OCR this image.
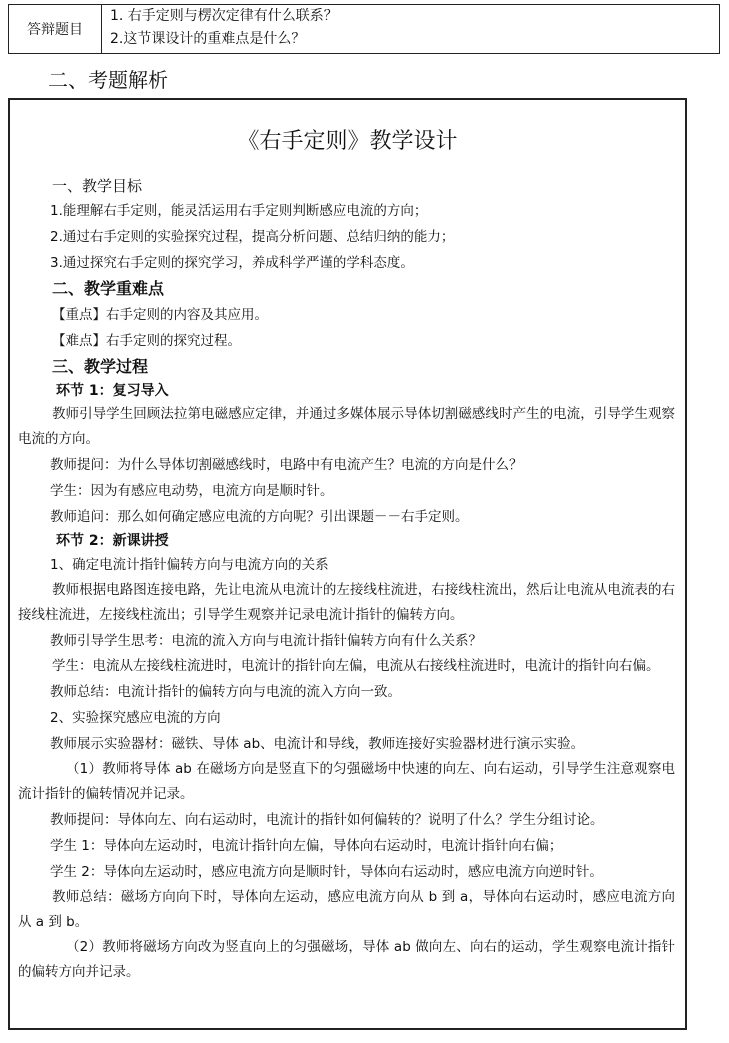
答辩题目
1. 右手定则与楞次定律有什么联系？
2.这节课设计的重难点是什么？
二、考题解析
《右手定则》教学设计
一、教学目标
1.能理解右手定则，能灵活运用右手定则判断感应电流的方向；
2.通过右手定则的实验探究过程，提高分析问题、总结归纳的能力；
3.通过探究右手定则的探究学习，养成科学严谨的学科态度。
二、教学重难点
【重点】右手定则的内容及其应用。
【难点】右手定则的探究过程。
三、教学过程
环节 1：复习导入
教师引导学生回顾法拉第电磁感应定律，并通过多媒体展示导体切割磁感线时产生的电流，引导学生观察电流的方向。
教师提问：为什么导体切割磁感线时，电路中有电流产生？电流的方向是什么？
学生：因为有感应电动势，电流方向是顺时针。
教师追问：那么如何确定感应电流的方向呢？引出课题－－右手定则。
环节 2：新课讲授
1、确定电流计指针偏转方向与电流方向的关系
教师根据电路图连接电路，先让电流从电流计的左接线柱流进，右接线柱流出，然后让电流从电流表的右接线柱流进，左接线柱流出；引导学生观察并记录电流计指针的偏转方向。
教师引导学生思考：电流的流入方向与电流计指针偏转方向有什么关系？
学生：电流从左接线柱流进时，电流计的指针向左偏，电流从右接线柱流进时，电流计的指针向右偏。
教师总结：电流计指针的偏转方向与电流的流入方向一致。
2、实验探究感应电流的方向
教师展示实验器材：磁铁、导体 ab、电流计和导线，教师连接好实验器材进行演示实验。
（1）教师将导体 ab 在磁场方向是竖直下的匀强磁场中快速的向左、向右运动，引导学生注意观察电流计指针的偏转情况并记录。
教师提问：导体向左、向右运动时，电流计的指针如何偏转的？说明了什么？学生分组讨论。
学生 1：导体向左运动时，电流计指针向左偏，导体向右运动时，电流计指针向右偏；
学生 2：导体向左运动时，感应电流方向是顺时针，导体向右运动时，感应电流方向逆时针。
教师总结：磁场方向向下时，导体向左运动，感应电流方向从 b 到 a，导体向右运动时，感应电流方向从 a 到 b。
（2）教师将磁场方向改为竖直向上的匀强磁场，导体 ab 做向左、向右的运动，学生观察电流计指针的偏转方向并记录。
